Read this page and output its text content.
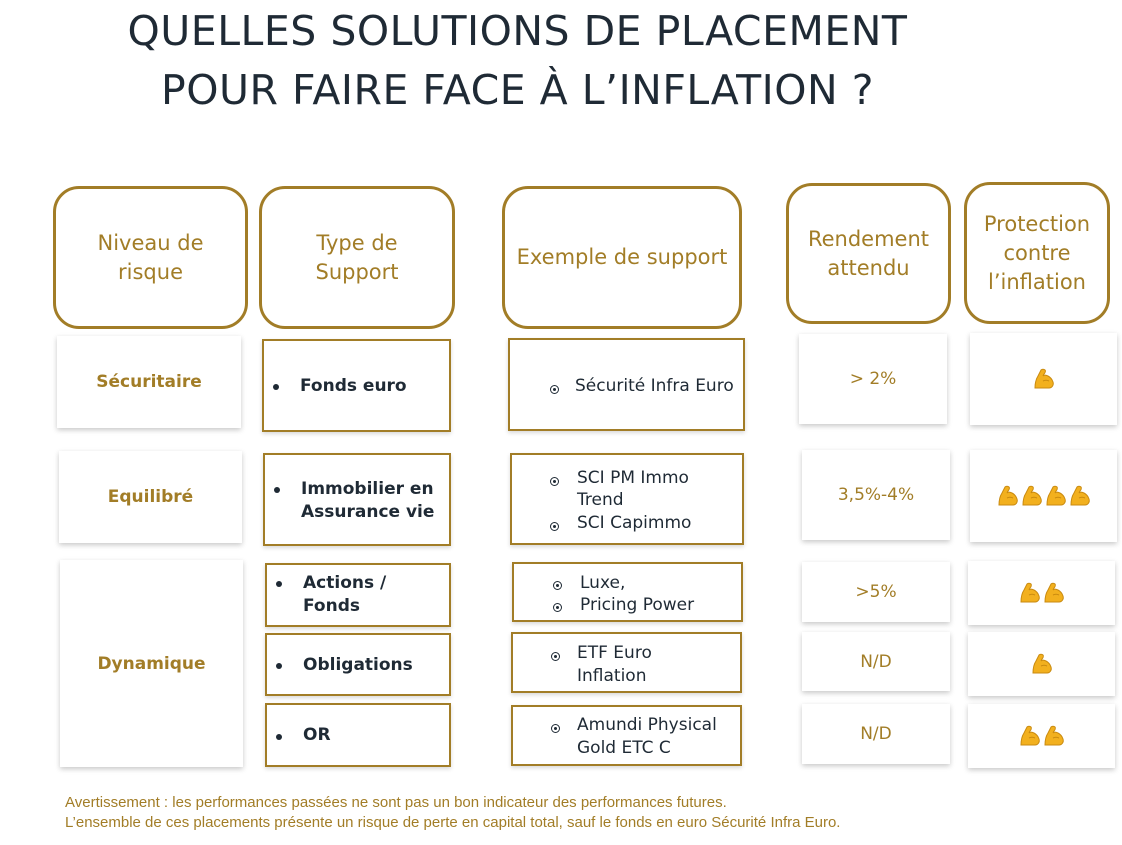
QUELLES SOLUTIONS DE PLACEMENT
POUR FAIRE FACE À L’INFLATION ?
Niveau de
risque
Type de
Support
Exemple de support
Rendement
attendu
Protection
contre
l’inflation
Sécuritaire
Equilibré
Dynamique
Fonds euro
Immobilier en
Assurance vie
Actions /
Fonds
Obligations
OR
Sécurité Infra Euro
SCI PM Immo
Trend
SCI Capimmo
Luxe,
Pricing Power
ETF Euro
Inflation
Amundi Physical
Gold ETC C
> 2%
3,5%-4%
>5%
N/D
N/D
Avertissement : les performances passées ne sont pas un bon indicateur des performances futures.
L’ensemble de ces placements présente un risque de perte en capital total, sauf le fonds en euro Sécurité Infra Euro.
